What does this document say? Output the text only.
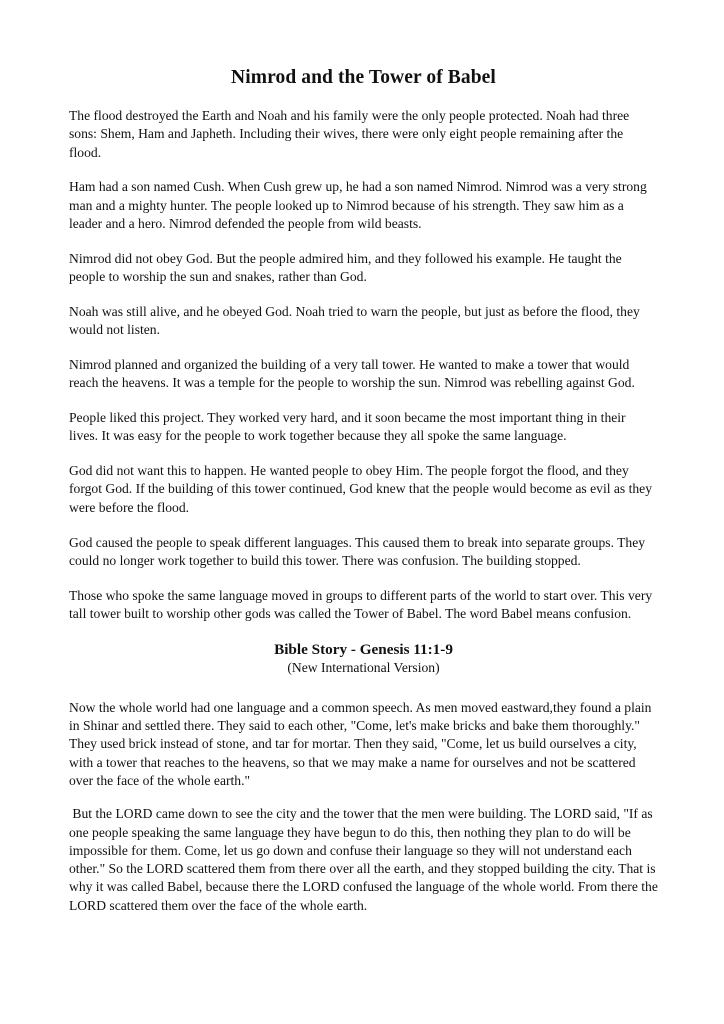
Nimrod and the Tower of Babel

The flood destroyed the Earth and Noah and his family were the only people protected. Noah had three sons: Shem, Ham and Japheth. Including their wives, there were only eight people remaining after the flood.

Ham had a son named Cush. When Cush grew up, he had a son named Nimrod. Nimrod was a very strong man and a mighty hunter. The people looked up to Nimrod because of his strength. They saw him as a leader and a hero. Nimrod defended the people from wild beasts.

Nimrod did not obey God. But the people admired him, and they followed his example. He taught the people to worship the sun and snakes, rather than God.

Noah was still alive, and he obeyed God. Noah tried to warn the people, but just as before the flood, they would not listen.

Nimrod planned and organized the building of a very tall tower. He wanted to make a tower that would reach the heavens. It was a temple for the people to worship the sun. Nimrod was rebelling against God.

People liked this project. They worked very hard, and it soon became the most important thing in their lives. It was easy for the people to work together because they all spoke the same language.

God did not want this to happen. He wanted people to obey Him. The people forgot the flood, and they forgot God. If the building of this tower continued, God knew that the people would become as evil as they were before the flood.

God caused the people to speak different languages. This caused them to break into separate groups. They could no longer work together to build this tower. There was confusion. The building stopped.

Those who spoke the same language moved in groups to different parts of the world to start over. This very tall tower built to worship other gods was called the Tower of Babel. The word Babel means confusion.

Bible Story - Genesis 11:1-9
(New International Version)

Now the whole world had one language and a common speech. As men moved eastward,they found a plain in Shinar and settled there. They said to each other, "Come, let's make bricks and bake them thoroughly." They used brick instead of stone, and tar for mortar. Then they said, "Come, let us build ourselves a city, with a tower that reaches to the heavens, so that we may make a name for ourselves and not be scattered over the face of the whole earth."

But the LORD came down to see the city and the tower that the men were building. The LORD said, "If as one people speaking the same language they have begun to do this, then nothing they plan to do will be impossible for them. Come, let us go down and confuse their language so they will not understand each other." So the LORD scattered them from there over all the earth, and they stopped building the city. That is why it was called Babel, because there the LORD confused the language of the whole world. From there the LORD scattered them over the face of the whole earth.
